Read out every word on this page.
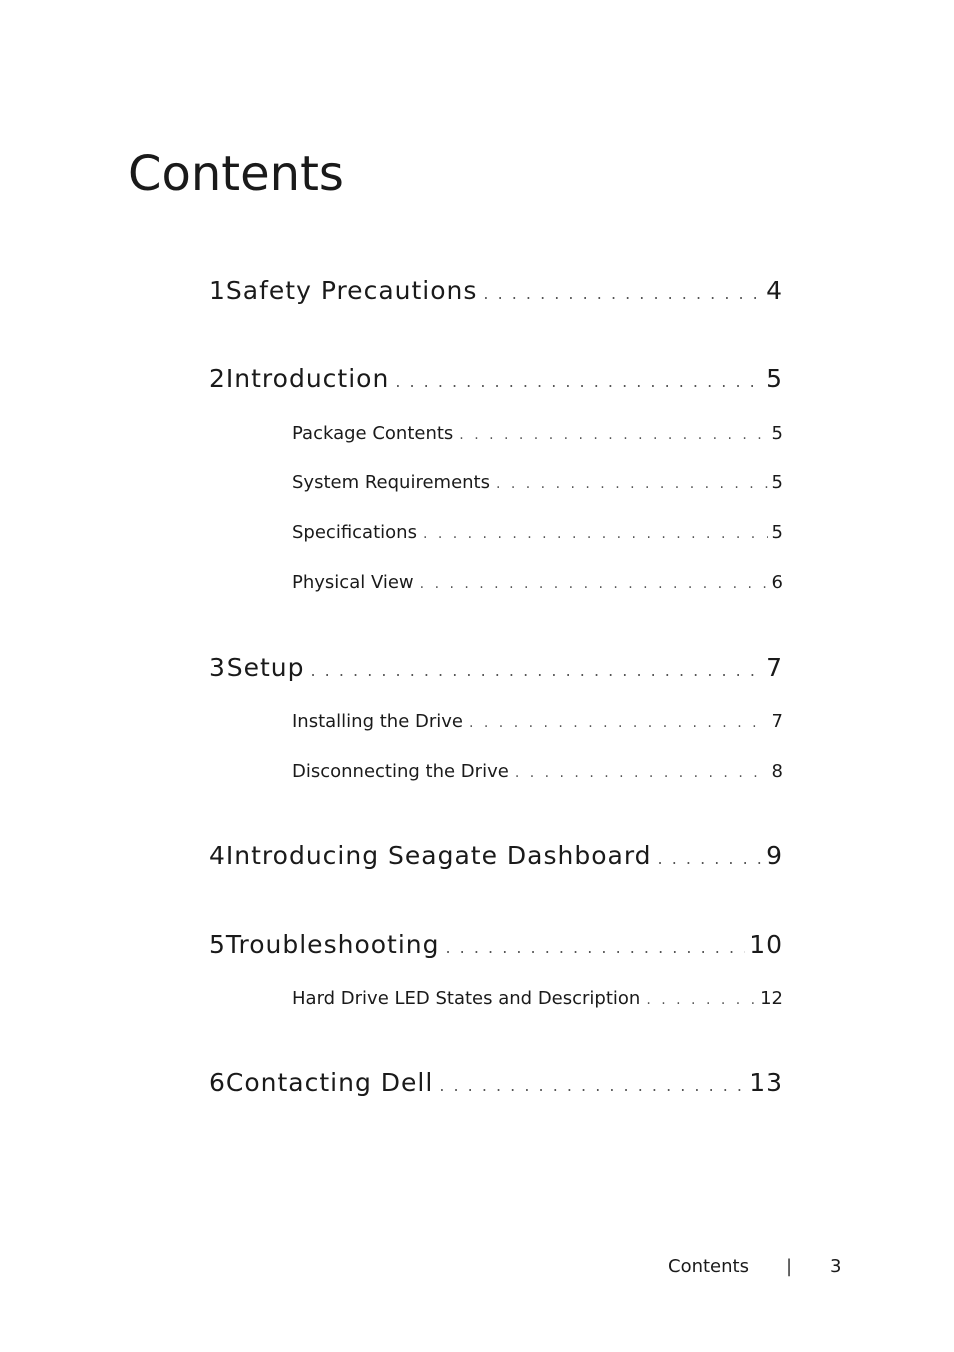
Contents
1 Safety Precautions . . .	4
2 Introduction . . .	5
Package Contents . . .	5
System Requirements . . .	5
Specifications . . .	5
Physical View . . .	6
3 Setup . . .	7
Installing the Drive . . .	7
Disconnecting the Drive . . .	8
4 Introducing Seagate Dashboard . . .	9
5 Troubleshooting . . .	10
Hard Drive LED States and Description . . .	12
6 Contacting Dell . . .	13
Contents	|	3
